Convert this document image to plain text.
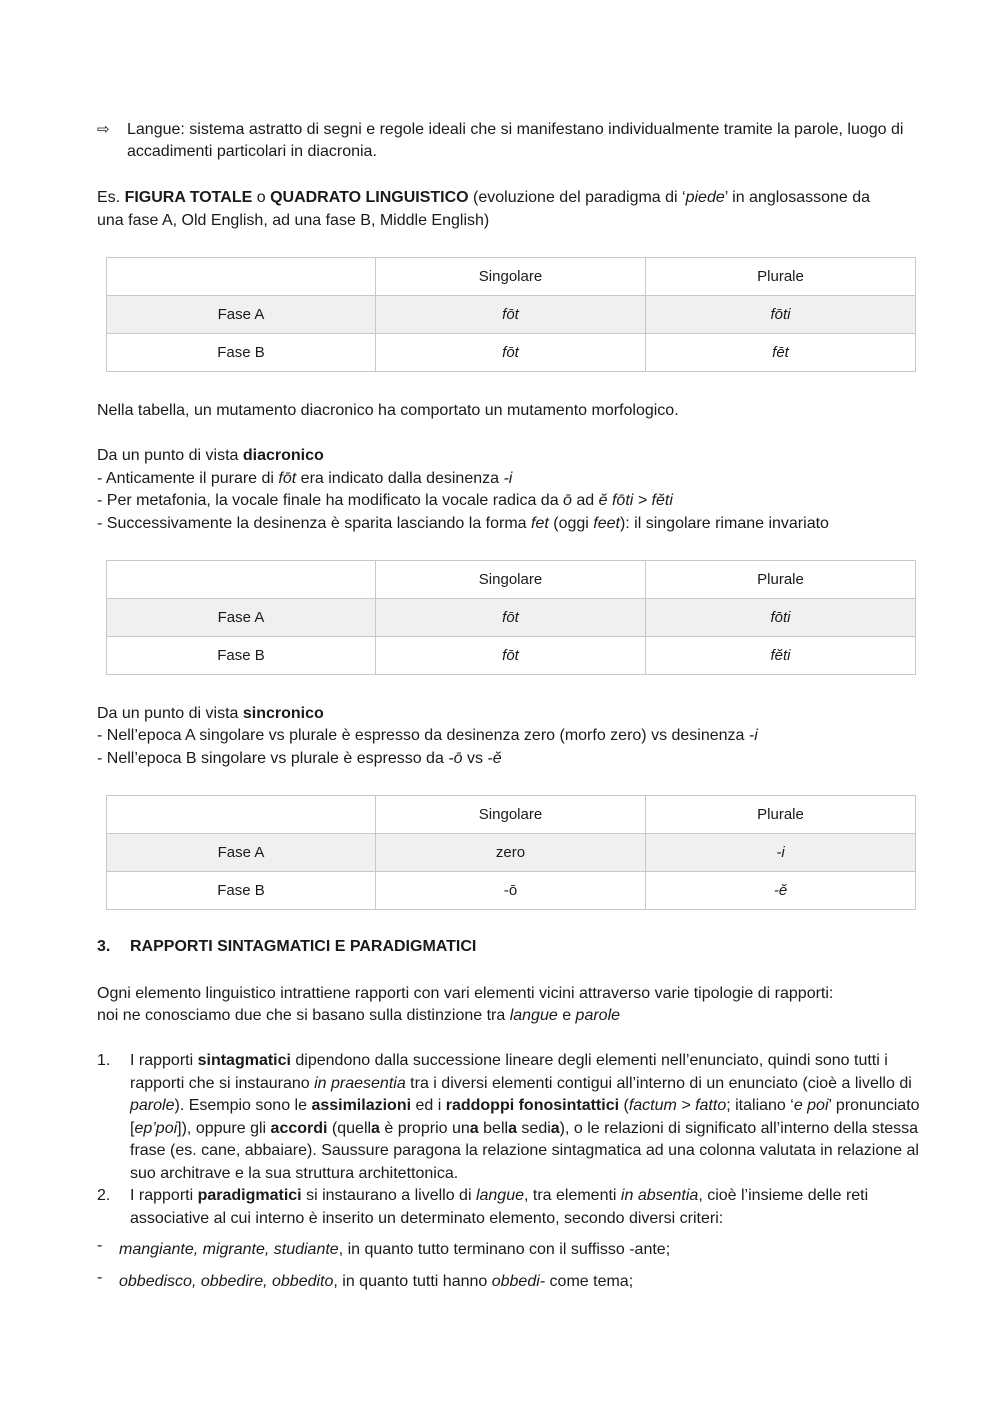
⇨ Langue: sistema astratto di segni e regole ideali che si manifestano individualmente tramite la parole, luogo di accadimenti particolari in diacronia.
Es. FIGURA TOTALE o QUADRATO LINGUISTICO (evoluzione del paradigma di ‘piede’ in anglosassone da
una fase A, Old English, ad una fase B, Middle English)
	Singolare	Plurale
Fase A	fōt	fōti
Fase B	fōt	fēt
Nella tabella, un mutamento diacronico ha comportato un mutamento morfologico.
Da un punto di vista diacronico
- Anticamente il purare di fōt era indicato dalla desinenza -i
- Per metafonia, la vocale finale ha modificato la vocale radica da ō ad ĕ fōti > fĕti
- Successivamente la desinenza è sparita lasciando la forma fet (oggi feet): il singolare rimane invariato
	Singolare	Plurale
Fase A	fōt	fōti
Fase B	fōt	fĕti
Da un punto di vista sincronico
- Nell’epoca A singolare vs plurale è espresso da desinenza zero (morfo zero) vs desinenza -i
- Nell’epoca B singolare vs plurale è espresso da -ō vs -ĕ
	Singolare	Plurale
Fase A	zero	-i
Fase B	-ō	-ĕ
3. RAPPORTI SINTAGMATICI E PARADIGMATICI
Ogni elemento linguistico intrattiene rapporti con vari elementi vicini attraverso varie tipologie di rapporti:
noi ne conosciamo due che si basano sulla distinzione tra langue e parole
1. I rapporti sintagmatici dipendono dalla successione lineare degli elementi nell’enunciato, quindi sono tutti i rapporti che si instaurano in praesentia tra i diversi elementi contigui all’interno di un enunciato (cioè a livello di parole). Esempio sono le assimilazioni ed i raddoppi fonosintattici (factum > fatto; italiano ‘e poi’ pronunciato [ep’poi]), oppure gli accordi (quella è proprio una bella sedia), o le relazioni di significato all’interno della stessa frase (es. cane, abbaiare). Saussure paragona la relazione sintagmatica ad una colonna valutata in relazione al suo architrave e la sua struttura architettonica.
2. I rapporti paradigmatici si instaurano a livello di langue, tra elementi in absentia, cioè l’insieme delle reti associative al cui interno è inserito un determinato elemento, secondo diversi criteri:
- mangiante, migrante, studiante, in quanto tutto terminano con il suffisso -ante;
- obbedisco, obbedire, obbedito, in quanto tutti hanno obbedi- come tema;
